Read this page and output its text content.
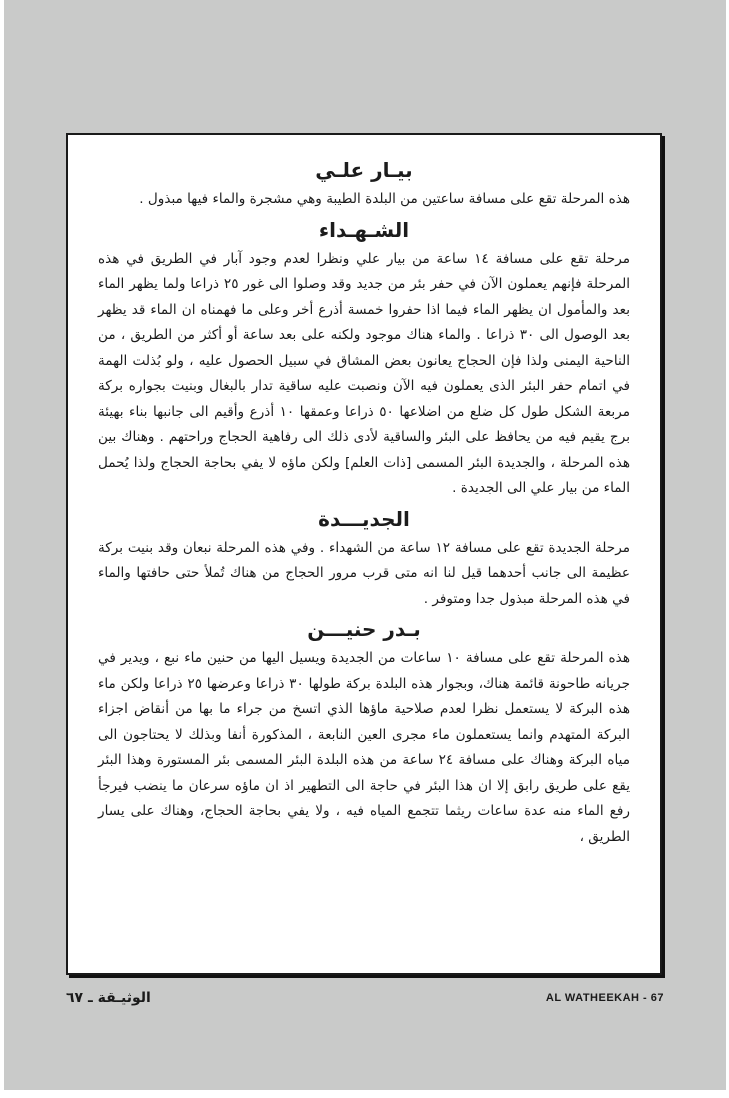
بيـار علـي

هذه المرحلة تقع على مسافة ساعتين من البلدة الطيبة وهي مشجرة والماء فيها مبذول .

الشـهـداء

مرحلة تقع على مسافة ١٤ ساعة من بيار علي ونظرا لعدم وجود آبار في الطريق في هذه المرحلة فإنهم يعملون الآن في حفر بئر من جديد وقد وصلوا الى غور ٢٥ ذراعا ولما يظهر الماء بعد والمأمول ان يظهر الماء فيما اذا حفروا خمسة أذرع أخر وعلى ما فهمناه ان الماء قد يظهر بعد الوصول الى ٣٠ ذراعا . والماء هناك موجود ولكنه على بعد ساعة أو أكثر من الطريق ، من الناحية اليمنى ولذا فإن الحجاج يعانون بعض المشاق في سبيل الحصول عليه ، ولو بُذلت الهمة في اتمام حفر البئر الذى يعملون فيه الآن ونصبت عليه ساقية تدار بالبغال وبنيت بجواره بركة مربعة الشكل طول كل ضلع من اضلاعها ٥٠ ذراعا وعمقها ١٠ أذرع وأقيم الى جانبها بناء بهيئة برج يقيم فيه من يحافظ على البئر والساقية لأدى ذلك الى رفاهية الحجاج وراحتهم . وهناك بين هذه المرحلة ، والجديدة البئر المسمى [ذات العلم] ولكن ماؤه لا يفي بحاجة الحجاج ولذا يُحمل الماء من بيار علي الى الجديدة .

الجديـــدة

مرحلة الجديدة تقع على مسافة ١٢ ساعة من الشهداء . وفي هذه المرحلة نبعان وقد بنيت بركة عظيمة الى جانب أحدهما قيل لنا انه متى قرب مرور الحجاج من هناك تُملأ حتى حافتها والماء في هذه المرحلة مبذول جدا ومتوفر .

بـدر حنيـــن

هذه المرحلة تقع على مسافة ١٠ ساعات من الجديدة ويسيل اليها من حنين ماء نبع ، ويدير في جريانه طاحونة قائمة هناك، وبجوار هذه البلدة بركة طولها ٣٠ ذراعا وعرضها ٢٥ ذراعا ولكن ماء هذه البركة لا يستعمل نظرا لعدم صلاحية ماؤها الذي اتسخ من جراء ما بها من أنقاض اجزاء البركة المتهدم وانما يستعملون ماء مجرى العين النابعة ، المذكورة أنفا وبذلك لا يحتاجون الى مياه البركة وهناك على مسافة ٢٤ ساعة من هذه البلدة البئر المسمى بئر المستورة وهذا البئر يقع على طريق رابق إلا ان هذا البئر في حاجة الى التطهير اذ ان ماؤه سرعان ما ينضب فيرجأ رفع الماء منه عدة ساعات ريثما تتجمع المياه فيه ، ولا يفي بحاجة الحجاج، وهناك على يسار الطريق ،

الوثيـقة ـ ٦٧	AL WATHEEKAH - 67
